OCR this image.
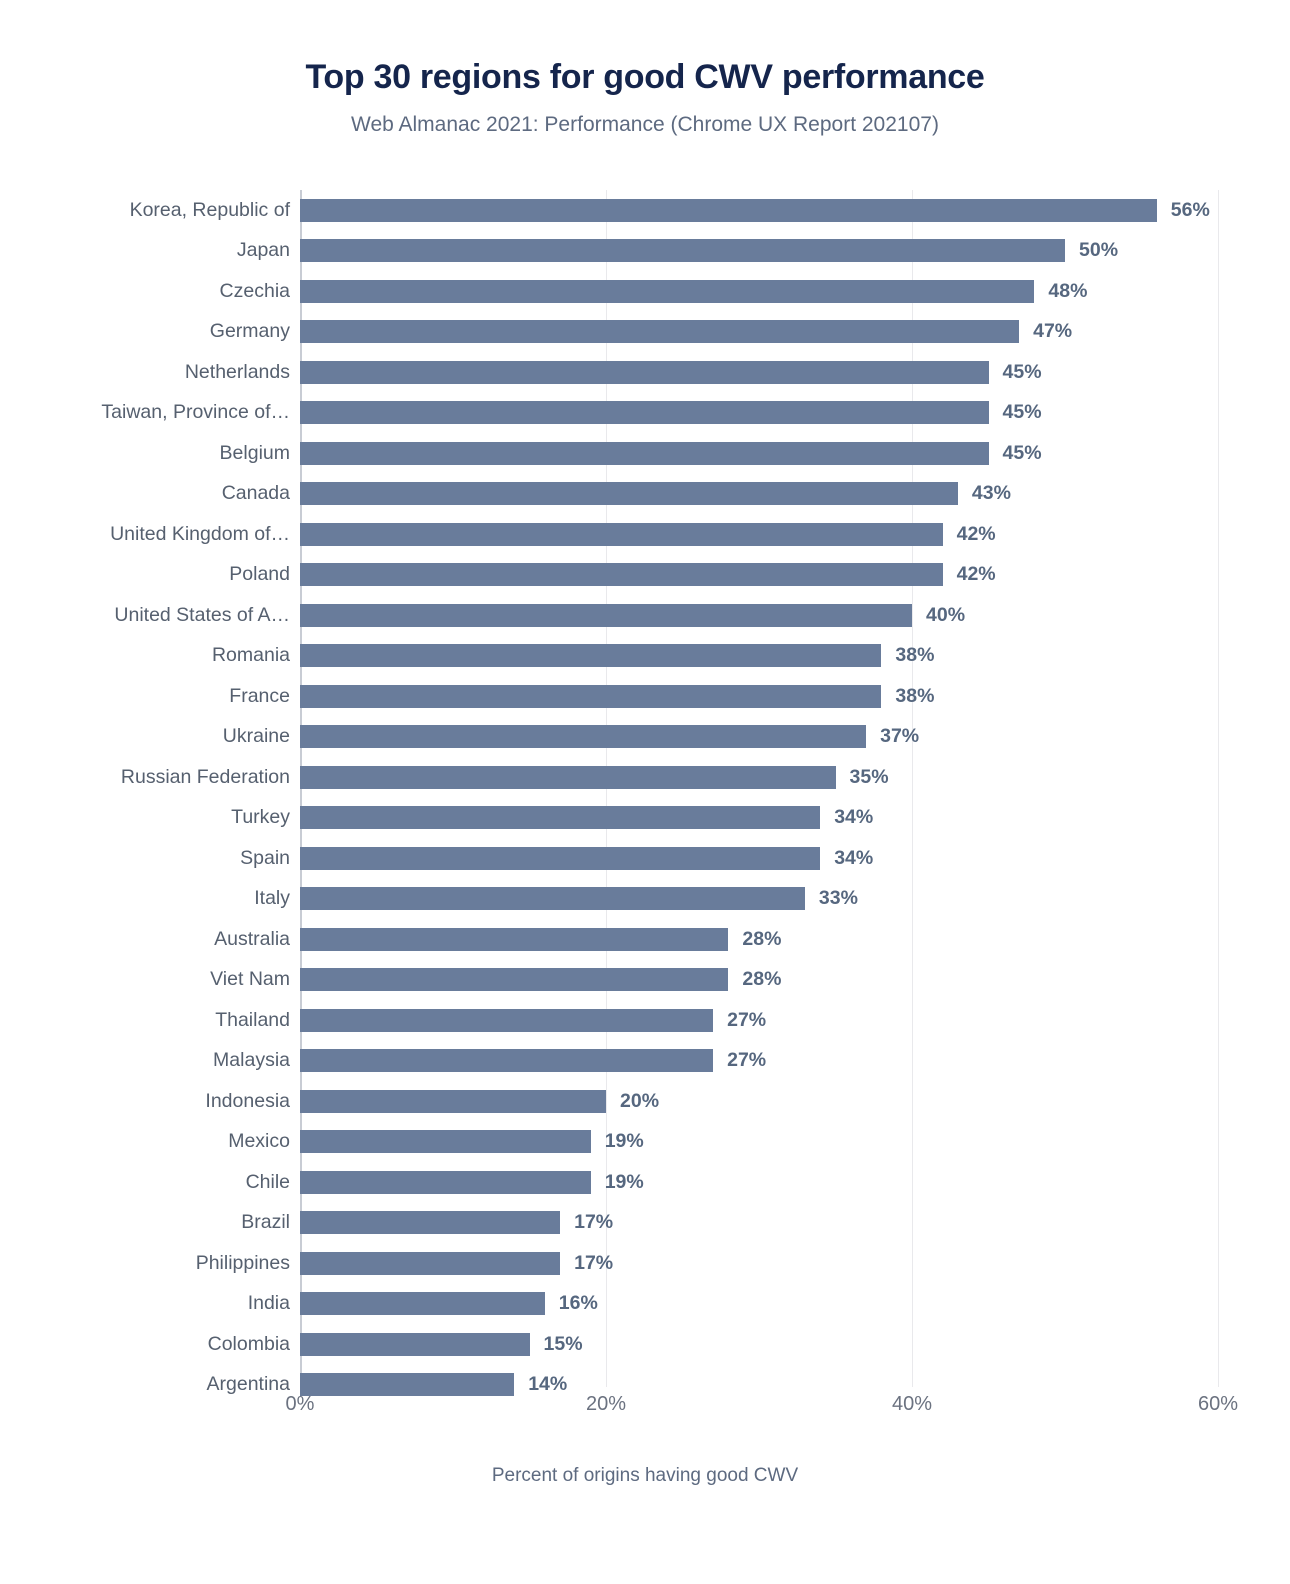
Top 30 regions for good CWV performance
Web Almanac 2021: Performance (Chrome UX Report 202107)
Korea, Republic of	56%
Japan	50%
Czechia	48%
Germany	47%
Netherlands	45%
Taiwan, Province of…	45%
Belgium	45%
Canada	43%
United Kingdom of…	42%
Poland	42%
United States of A…	40%
Romania	38%
France	38%
Ukraine	37%
Russian Federation	35%
Turkey	34%
Spain	34%
Italy	33%
Australia	28%
Viet Nam	28%
Thailand	27%
Malaysia	27%
Indonesia	20%
Mexico	19%
Chile	19%
Brazil	17%
Philippines	17%
India	16%
Colombia	15%
Argentina	14%
0%	20%	40%	60%
Percent of origins having good CWV
